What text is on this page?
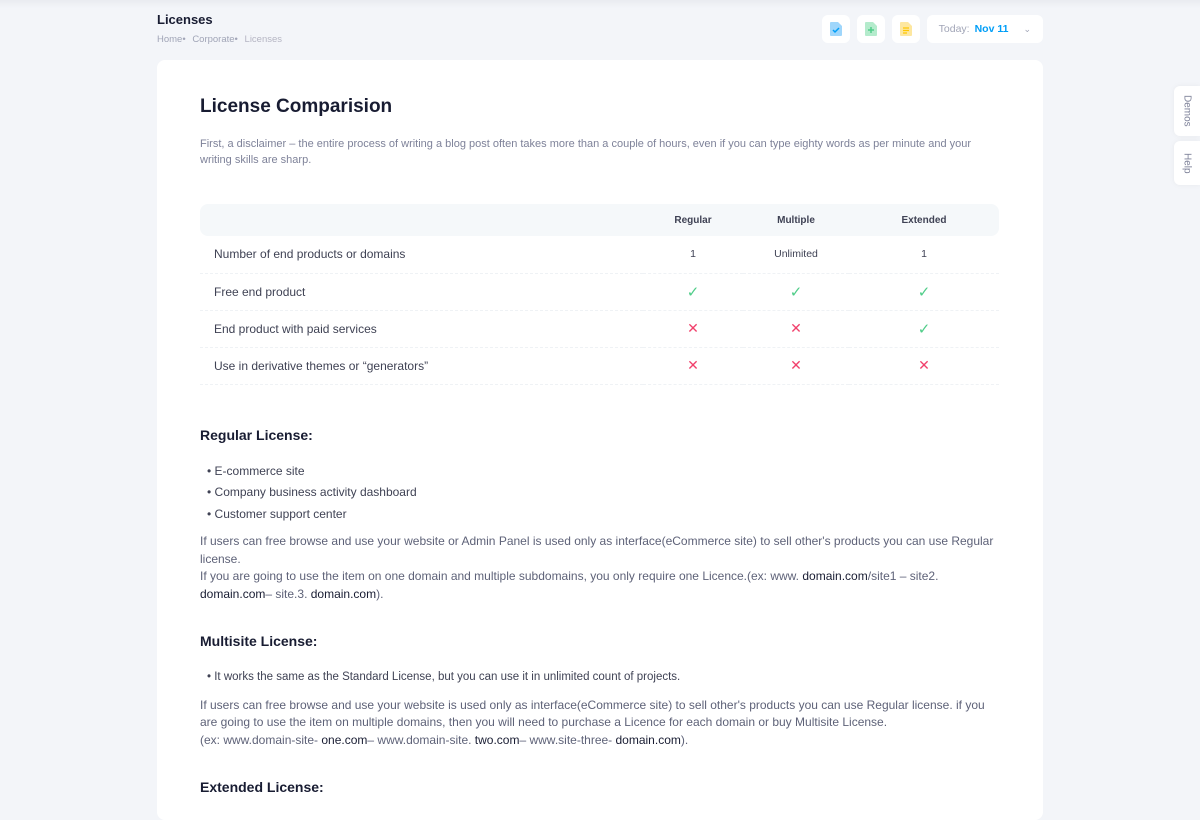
Licenses
Home• Corporate• Licenses
Today: Nov 11 ⌄
Demos
Help
License Comparision
First, a disclaimer – the entire process of writing a blog post often takes more than a couple of hours, even if you can type eighty words as per minute and your writing skills are sharp.
	Regular	Multiple	Extended
Number of end products or domains	1	Unlimited	1
Free end product	✓	✓	✓
End product with paid services	✕	✕	✓
Use in derivative themes or “generators”	✕	✕	✕
Regular License:
• E-commerce site
• Company business activity dashboard
• Customer support center

If users can free browse and use your website or Admin Panel is used only as interface(eCommerce site) to sell other's products you can use Regular license.
If you are going to use the item on one domain and multiple subdomains, you only require one Licence.(ex: www. domain.com/site1 – site2. domain.com– site.3. domain.com).

Multisite License:
• It works the same as the Standard License, but you can use it in unlimited count of projects.

If users can free browse and use your website is used only as interface(eCommerce site) to sell other's products you can use Regular license. if you are going to use the item on multiple domains, then you will need to purchase a Licence for each domain or buy Multisite License.
(ex: www.domain-site- one.com– www.domain-site. two.com– www.site-three- domain.com).

Extended License:
